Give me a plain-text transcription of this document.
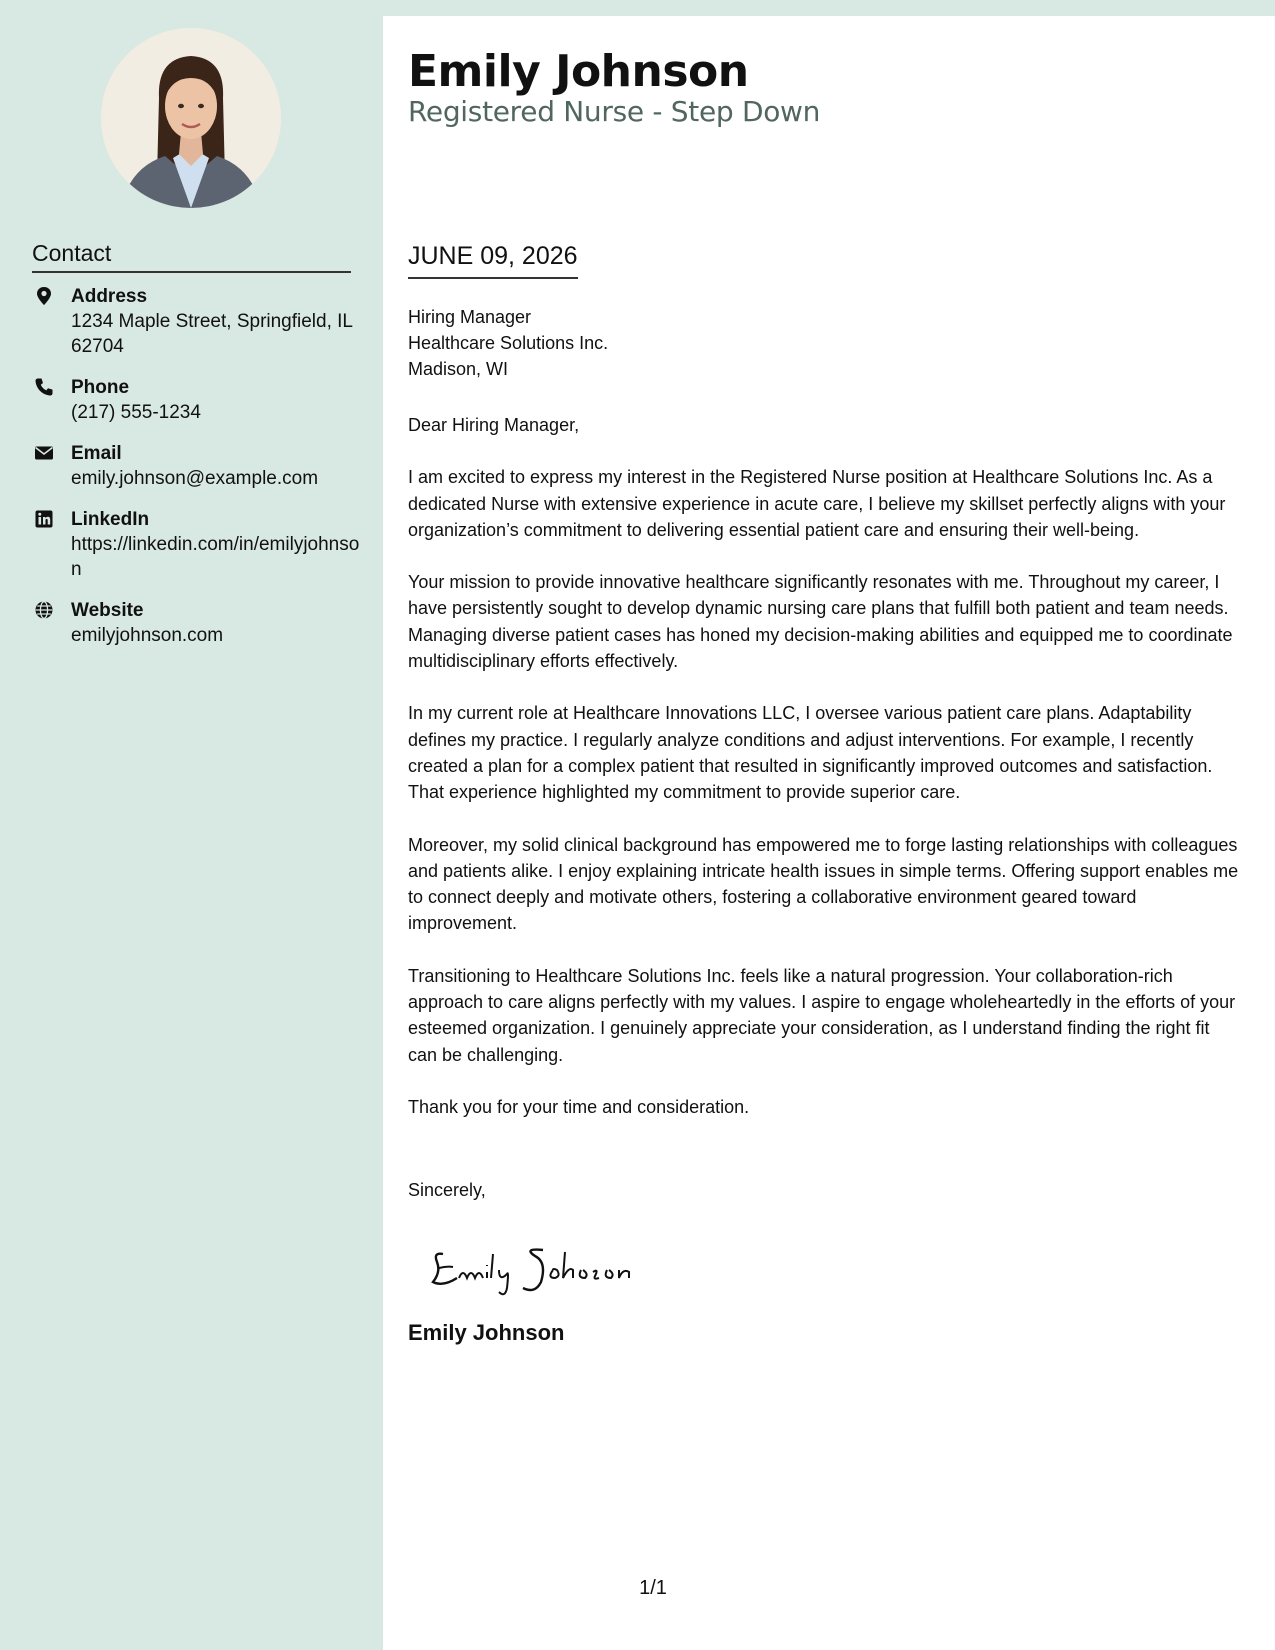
Contact
Address
1234 Maple Street, Springfield, IL 62704
Phone
(217) 555-1234
Email
emily.johnson@example.com
LinkedIn
https://linkedin.com/in/emilyjohnson
Website
emilyjohnson.com
Emily Johnson
Registered Nurse - Step Down
JUNE 09, 2026
Hiring Manager
Healthcare Solutions Inc.
Madison, WI

Dear Hiring Manager,

I am excited to express my interest in the Registered Nurse position at Healthcare Solutions Inc. As a dedicated Nurse with extensive experience in acute care, I believe my skillset perfectly aligns with your organization’s commitment to delivering essential patient care and ensuring their well-being.

Your mission to provide innovative healthcare significantly resonates with me. Throughout my career, I have persistently sought to develop dynamic nursing care plans that fulfill both patient and team needs. Managing diverse patient cases has honed my decision-making abilities and equipped me to coordinate multidisciplinary efforts effectively.

In my current role at Healthcare Innovations LLC, I oversee various patient care plans. Adaptability defines my practice. I regularly analyze conditions and adjust interventions. For example, I recently created a plan for a complex patient that resulted in significantly improved outcomes and satisfaction. That experience highlighted my commitment to provide superior care.

Moreover, my solid clinical background has empowered me to forge lasting relationships with colleagues and patients alike. I enjoy explaining intricate health issues in simple terms. Offering support enables me to connect deeply and motivate others, fostering a collaborative environment geared toward improvement.

Transitioning to Healthcare Solutions Inc. feels like a natural progression. Your collaboration-rich approach to care aligns perfectly with my values. I aspire to engage wholeheartedly in the efforts of your esteemed organization. I genuinely appreciate your consideration, as I understand finding the right fit can be challenging.

Thank you for your time and consideration.

Sincerely,
Emily Johnson
1/1
